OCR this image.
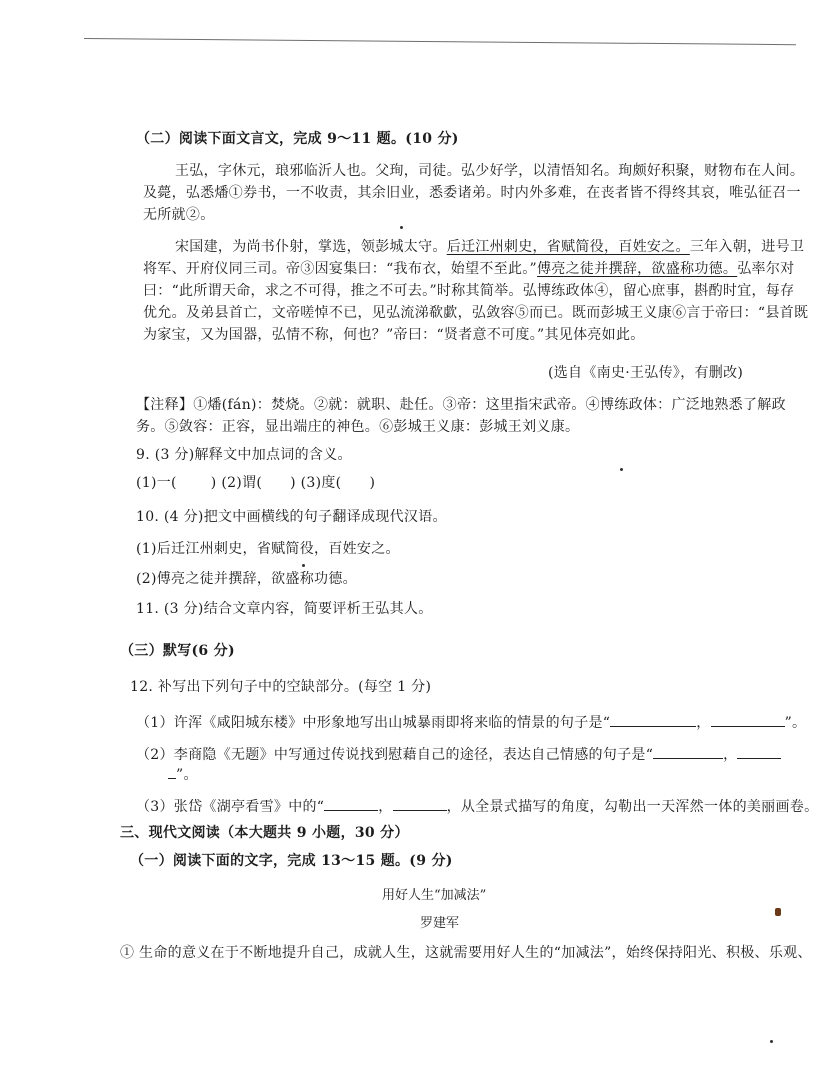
（二）阅读下面文言文，完成 9～11 题。(10 分)
王弘，字休元，琅邪临沂人也。父珣，司徒。弘少好学，以清悟知名。珣颇好积聚，财物布在人间。
及薨，弘悉燔①券书，一不收责，其余旧业，悉委诸弟。时内外多难，在丧者皆不得终其哀，唯弘征召一
无所就②。
宋国建，为尚书仆射，掌选，领彭城太守。后迁江州刺史，省赋简役，百姓安之。三年入朝，进号卫
将军、开府仪同三司。帝③因宴集曰：“我布衣，始望不至此。”傅亮之徒并撰辞，欲盛称功德。弘率尔对
曰：“此所谓天命，求之不可得，推之不可去。”时称其简举。弘博练政体④，留心庶事，斟酌时宜，每存
优允。及弟县首亡，文帝嗟悼不已，见弘流涕欷歔，弘敛容⑤而已。既而彭城王义康⑥言于帝曰：“县首既
为家宝，又为国器，弘情不称，何也？”帝曰：“贤者意不可度。”其见体亮如此。
(选自《南史·王弘传》，有删改)
【注释】①燔(fán)：焚烧。②就：就职、赴任。③帝：这里指宋武帝。④博练政体：广泛地熟悉了解政
务。⑤敛容：正容，显出端庄的神色。⑥彭城王义康：彭城王刘义康。
9. (3 分)解释文中加点词的含义。
(1)一( ) (2)谓( ) (3)度( )
10. (4 分)把文中画横线的句子翻译成现代汉语。
(1)后迁江州刺史，省赋简役，百姓安之。
(2)傅亮之徒并撰辞，欲盛称功德。
11. (3 分)结合文章内容，简要评析王弘其人。
（三）默写(6 分)
12. 补写出下列句子中的空缺部分。(每空 1 分)
（1）许浑《咸阳城东楼》中形象地写出山城暴雨即将来临的情景的句子是“	，	”。
（2）李商隐《无题》中写通过传说找到慰藉自己的途径，表达自己情感的句子是“	，
”。
（3）张岱《湖亭看雪》中的“	，	，从全景式描写的角度，勾勒出一天浑然一体的美丽画卷。
三、现代文阅读（本大题共 9 小题，30 分）
（一）阅读下面的文字，完成 13～15 题。(9 分)
用好人生“加减法”
罗建军
① 生命的意义在于不断地提升自己，成就人生，这就需要用好人生的“加减法”，始终保持阳光、积极、乐观、
